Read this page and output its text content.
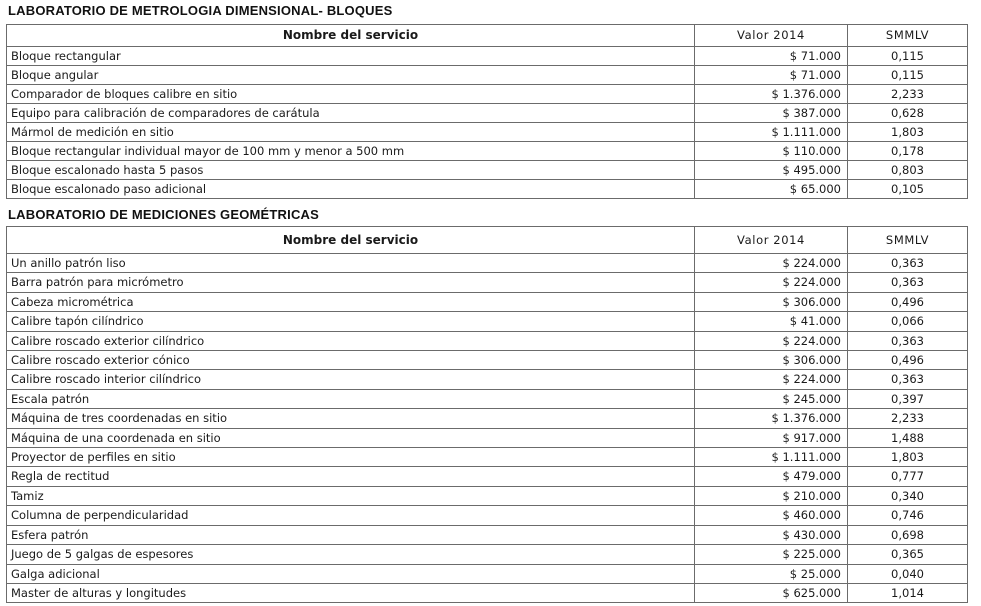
LABORATORIO DE METROLOGIA DIMENSIONAL- BLOQUES
Nombre del servicio	Valor 2014	SMMLV
Bloque rectangular	$ 71.000	0,115
Bloque angular	$ 71.000	0,115
Comparador de bloques calibre en sitio	$ 1.376.000	2,233
Equipo para calibración de comparadores de carátula	$ 387.000	0,628
Mármol de medición en sitio	$ 1.111.000	1,803
Bloque rectangular individual mayor de 100 mm y menor a 500 mm	$ 110.000	0,178
Bloque escalonado hasta 5 pasos	$ 495.000	0,803
Bloque escalonado paso adicional	$ 65.000	0,105
LABORATORIO DE MEDICIONES GEOMÉTRICAS
Nombre del servicio	Valor 2014	SMMLV
Un anillo patrón liso	$ 224.000	0,363
Barra patrón para micrómetro	$ 224.000	0,363
Cabeza micrométrica	$ 306.000	0,496
Calibre tapón cilíndrico	$ 41.000	0,066
Calibre roscado exterior cilíndrico	$ 224.000	0,363
Calibre roscado exterior cónico	$ 306.000	0,496
Calibre roscado interior cilíndrico	$ 224.000	0,363
Escala patrón	$ 245.000	0,397
Máquina de tres coordenadas en sitio	$ 1.376.000	2,233
Máquina de una coordenada en sitio	$ 917.000	1,488
Proyector de perfiles en sitio	$ 1.111.000	1,803
Regla de rectitud	$ 479.000	0,777
Tamiz	$ 210.000	0,340
Columna de perpendicularidad	$ 460.000	0,746
Esfera patrón	$ 430.000	0,698
Juego de 5 galgas de espesores	$ 225.000	0,365
Galga adicional	$ 25.000	0,040
Master de alturas y longitudes	$ 625.000	1,014
